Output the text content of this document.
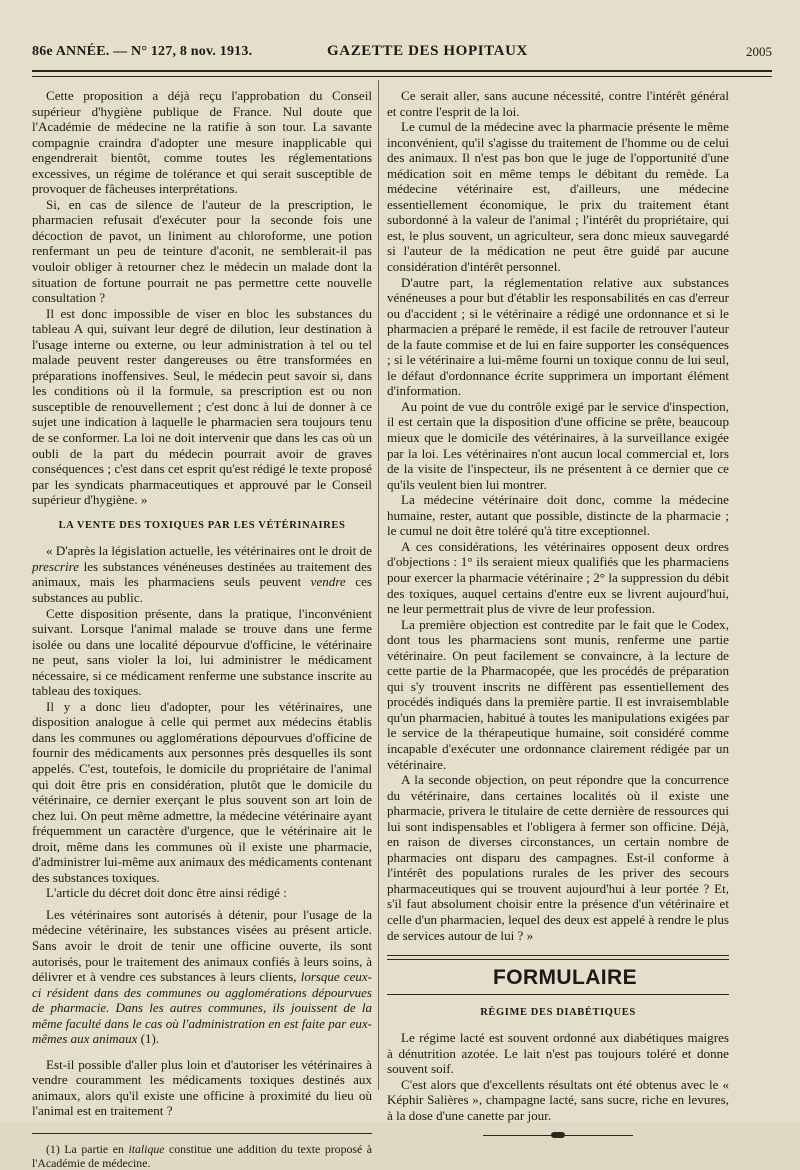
86e ANNÉE. — N° 127, 8 nov. 1913.	GAZETTE DES HOPITAUX	2005

Cette proposition a déjà reçu l'approbation du Conseil supérieur d'hygiène publique de France. Nul doute que l'Académie de médecine ne la ratifie à son tour. La savante compagnie craindra d'adopter une mesure inapplicable qui engendrerait bientôt, comme toutes les réglementations excessives, un régime de tolérance et qui serait susceptible de provoquer de fâcheuses interprétations.

Si, en cas de silence de l'auteur de la prescription, le pharmacien refusait d'exécuter pour la seconde fois une décoction de pavot, un liniment au chloroforme, une potion renfermant un peu de teinture d'aconit, ne semblerait-il pas vouloir obliger à retourner chez le médecin un malade dont la situation de fortune pourrait ne pas permettre cette nouvelle consultation ?

Il est donc impossible de viser en bloc les substances du tableau A qui, suivant leur degré de dilution, leur destination à l'usage interne ou externe, ou leur administration à tel ou tel malade peuvent rester dangereuses ou être transformées en préparations inoffensives. Seul, le médecin peut savoir si, dans les conditions où il la formule, sa prescription est ou non susceptible de renouvellement ; c'est donc à lui de donner à ce sujet une indication à laquelle le pharmacien sera toujours tenu de se conformer. La loi ne doit intervenir que dans les cas où un oubli de la part du médecin pourrait avoir de graves conséquences ; c'est dans cet esprit qu'est rédigé le texte proposé par les syndicats pharmaceutiques et approuvé par le Conseil supérieur d'hygiène. »

LA VENTE DES TOXIQUES PAR LES VÉTÉRINAIRES

« D'après la législation actuelle, les vétérinaires ont le droit de prescrire les substances vénéneuses destinées au traitement des animaux, mais les pharmaciens seuls peuvent vendre ces substances au public.

Cette disposition présente, dans la pratique, l'inconvénient suivant. Lorsque l'animal malade se trouve dans une ferme isolée ou dans une localité dépourvue d'officine, le vétérinaire ne peut, sans violer la loi, lui administrer le médicament nécessaire, si ce médicament renferme une substance inscrite au tableau des toxiques.

Il y a donc lieu d'adopter, pour les vétérinaires, une disposition analogue à celle qui permet aux médecins établis dans les communes ou agglomérations dépourvues d'officine de fournir des médicaments aux personnes près desquelles ils sont appelés. C'est, toutefois, le domicile du propriétaire de l'animal qui doit être pris en considération, plutôt que le domicile du vétérinaire, ce dernier exerçant le plus souvent son art loin de chez lui. On peut même admettre, la médecine vétérinaire ayant fréquemment un caractère d'urgence, que le vétérinaire ait le droit, même dans les communes où il existe une pharmacie, d'administrer lui-même aux animaux des médicaments contenant des substances toxiques.

L'article du décret doit donc être ainsi rédigé :

Les vétérinaires sont autorisés à détenir, pour l'usage de la médecine vétérinaire, les substances visées au présent article. Sans avoir le droit de tenir une officine ouverte, ils sont autorisés, pour le traitement des animaux confiés à leurs soins, à délivrer et à vendre ces substances à leurs clients, lorsque ceux-ci résident dans des communes ou agglomérations dépourvues de pharmacie. Dans les autres communes, ils jouissent de la même faculté dans le cas où l'administration en est faite par eux-mêmes aux animaux (1).

Est-il possible d'aller plus loin et d'autoriser les vétérinaires à vendre couramment les médicaments toxiques destinés aux animaux, alors qu'il existe une officine à proximité du lieu où l'animal est en traitement ?

(1) La partie en italique constitue une addition du texte proposé à l'Académie de médecine.

Ce serait aller, sans aucune nécessité, contre l'intérêt général et contre l'esprit de la loi.

Le cumul de la médecine avec la pharmacie présente le même inconvénient, qu'il s'agisse du traitement de l'homme ou de celui des animaux. Il n'est pas bon que le juge de l'opportunité d'une médication soit en même temps le débitant du remède. La médecine vétérinaire est, d'ailleurs, une médecine essentiellement économique, le prix du traitement étant subordonné à la valeur de l'animal ; l'intérêt du propriétaire, qui est, le plus souvent, un agriculteur, sera donc mieux sauvegardé si l'auteur de la médication ne peut être guidé par aucune considération d'intérêt personnel.

D'autre part, la réglementation relative aux substances vénéneuses a pour but d'établir les responsabilités en cas d'erreur ou d'accident ; si le vétérinaire a rédigé une ordonnance et si le pharmacien a préparé le remède, il est facile de retrouver l'auteur de la faute commise et de lui en faire supporter les conséquences ; si le vétérinaire a lui-même fourni un toxique connu de lui seul, le défaut d'ordonnance écrite supprimera un important élément d'information.

Au point de vue du contrôle exigé par le service d'inspection, il est certain que la disposition d'une officine se prête, beaucoup mieux que le domicile des vétérinaires, à la surveillance exigée par la loi. Les vétérinaires n'ont aucun local commercial et, lors de la visite de l'inspecteur, ils ne présentent à ce dernier que ce qu'ils veulent bien lui montrer.

La médecine vétérinaire doit donc, comme la médecine humaine, rester, autant que possible, distincte de la pharmacie ; le cumul ne doit être toléré qu'à titre exceptionnel.

A ces considérations, les vétérinaires opposent deux ordres d'objections : 1° ils seraient mieux qualifiés que les pharmaciens pour exercer la pharmacie vétérinaire ; 2° la suppression du débit des toxiques, auquel certains d'entre eux se livrent aujourd'hui, ne leur permettrait plus de vivre de leur profession.

La première objection est contredite par le fait que le Codex, dont tous les pharmaciens sont munis, renferme une partie vétérinaire. On peut facilement se convaincre, à la lecture de cette partie de la Pharmacopée, que les procédés de préparation qui s'y trouvent inscrits ne diffèrent pas essentiellement des procédés indiqués dans la première partie. Il est invraisemblable qu'un pharmacien, habitué à toutes les manipulations exigées par le service de la thérapeutique humaine, soit considéré comme incapable d'exécuter une ordonnance clairement rédigée par un vétérinaire.

A la seconde objection, on peut répondre que la concurrence du vétérinaire, dans certaines localités où il existe une pharmacie, privera le titulaire de cette dernière de ressources qui lui sont indispensables et l'obligera à fermer son officine. Déjà, en raison de diverses circonstances, un certain nombre de pharmacies ont disparu des campagnes. Est-il conforme à l'intérêt des populations rurales de les priver des secours pharmaceutiques qui se trouvent aujourd'hui à leur portée ? Et, s'il faut absolument choisir entre la présence d'un vétérinaire et celle d'un pharmacien, lequel des deux est appelé à rendre le plus de services autour de lui ? »

FORMULAIRE

RÉGIME DES DIABÉTIQUES

Le régime lacté est souvent ordonné aux diabétiques maigres à dénutrition azotée. Le lait n'est pas toujours toléré et donne souvent soif.

C'est alors que d'excellents résultats ont été obtenus avec le « Képhir Salières », champagne lacté, sans sucre, riche en levures, à la dose d'une canette par jour.
